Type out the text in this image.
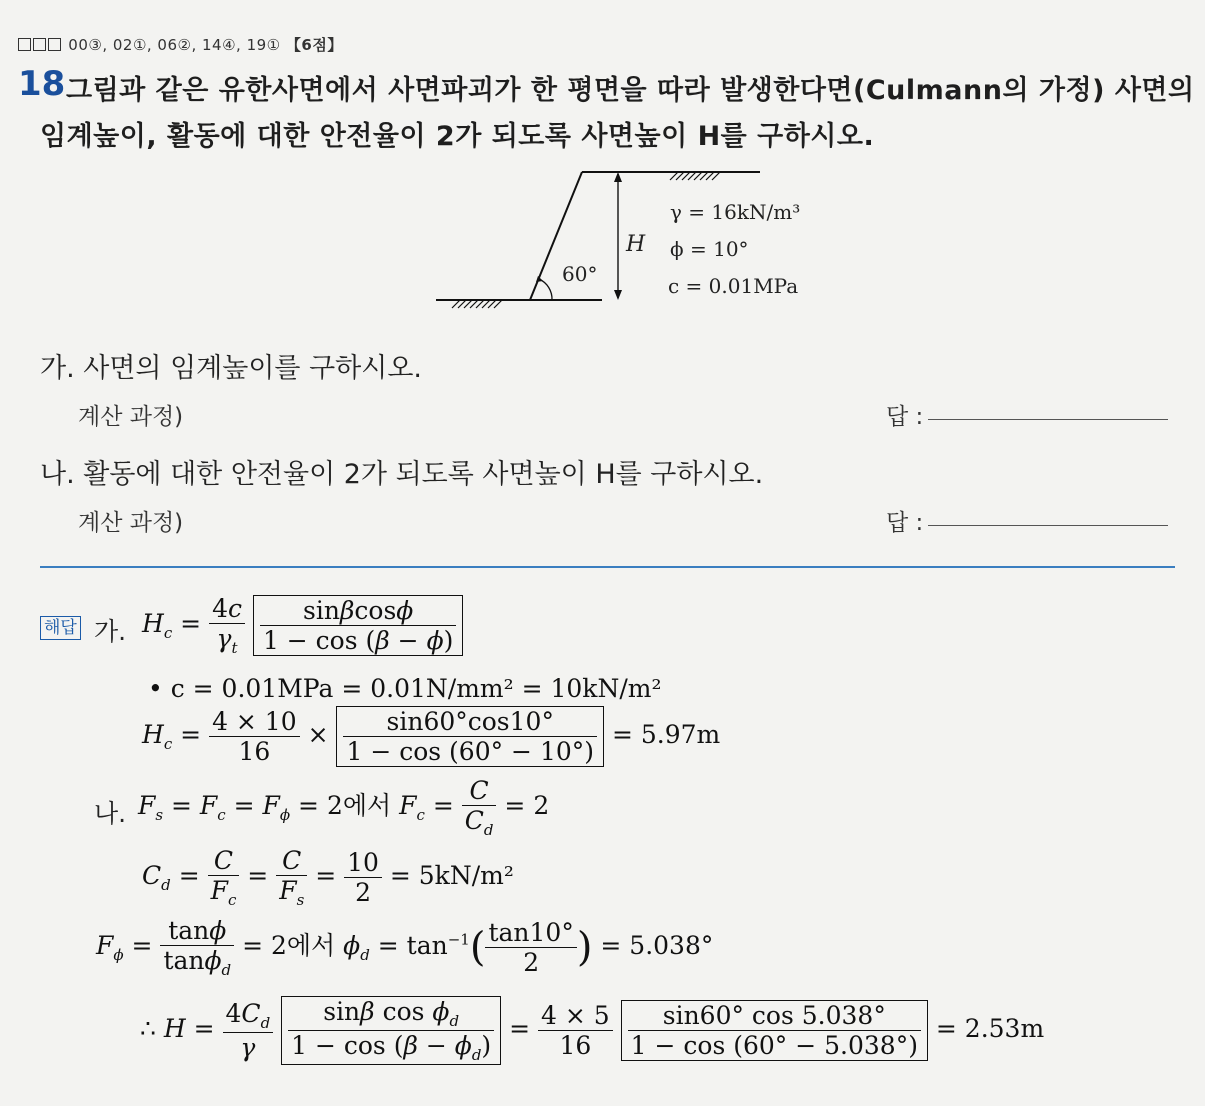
00③, 02①, 06②, 14④, 19① 【6점】
18 그림과 같은 유한사면에서 사면파괴가 한 평면을 따라 발생한다면(Culmann의 가정) 사면의
임계높이, 활동에 대한 안전율이 2가 되도록 사면높이 H를 구하시오.
H
60°
γ = 16kN/m³
ϕ = 10°
c = 0.01MPa
가. 사면의 임계높이를 구하시오.
계산 과정)	답 :
나. 활동에 대한 안전율이 2가 되도록 사면높이 H를 구하시오.
계산 과정)	답 :
해답 가. $H_c = \frac{4c}{\gamma_t}$
$\frac{\sin\beta\cos\phi}{1 - \cos (\beta - \phi)}$
• c = 0.01MPa = 0.01N/mm² = 10kN/m²
$H_c = \frac{4 \times 10}{16} \times \frac{\sin 60^\circ\cos 10^\circ}{1 - \cos (60^\circ - 10^\circ)} = 5.97m$
나. $F_s = F_c = F_\phi = 2$에서 $F_c = \frac{C}{C_d} = 2$
$C_d = \frac{C}{F_c} = \frac{C}{F_s} = \frac{10}{2} = 5kN/m^2$
$F_\phi = \frac{\tan\phi}{\tan\phi_d} = 2$에서 $\phi_d = \tan^{-1}( \frac{\tan 10^\circ}{2}$ ) = 5.038°
∴ $H = \frac{4C_d}{\gamma}$
$\frac{\sin\beta \cos \phi_d}{1 - \cos (\beta - \phi_d)} = \frac{4 \times 5}{16}$
$\frac{\sin 60^\circ \cos 5.038^\circ}{1 - \cos (60^\circ - 5.038^\circ)} = 2.53m$
